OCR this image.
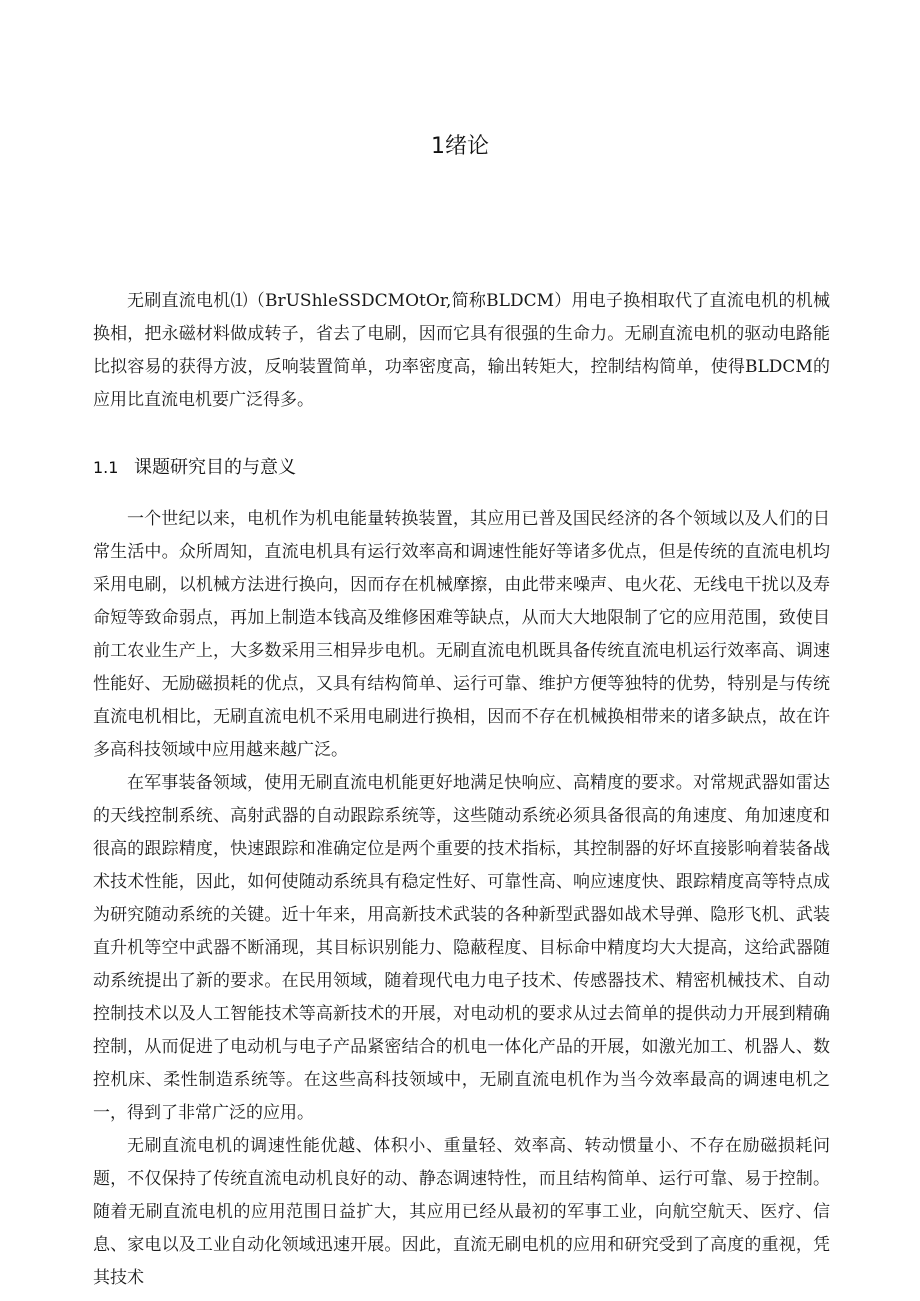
1绪论

无刷直流电机⑴（BrUShleSSDCMOtOr,简称BLDCM）用电子换相取代了直流电机的机械换相，把永磁材料做成转子，省去了电刷，因而它具有很强的生命力。无刷直流电机的驱动电路能比拟容易的获得方波，反响装置简单，功率密度高，输出转矩大，控制结构简单，使得BLDCM的应用比直流电机要广泛得多。

1.1 课题研究目的与意义

一个世纪以来，电机作为机电能量转换装置，其应用已普及国民经济的各个领域以及人们的日常生活中。众所周知，直流电机具有运行效率高和调速性能好等诸多优点，但是传统的直流电机均采用电刷，以机械方法进行换向，因而存在机械摩擦，由此带来噪声、电火花、无线电干扰以及寿命短等致命弱点，再加上制造本钱高及维修困难等缺点，从而大大地限制了它的应用范围，致使目前工农业生产上，大多数采用三相异步电机。无刷直流电机既具备传统直流电机运行效率高、调速性能好、无励磁损耗的优点，又具有结构简单、运行可靠、维护方便等独特的优势，特别是与传统直流电机相比，无刷直流电机不采用电刷进行换相，因而不存在机械换相带来的诸多缺点，故在许多高科技领域中应用越来越广泛。

在军事装备领域，使用无刷直流电机能更好地满足快响应、高精度的要求。对常规武器如雷达的天线控制系统、高射武器的自动跟踪系统等，这些随动系统必须具备很高的角速度、角加速度和很高的跟踪精度，快速跟踪和准确定位是两个重要的技术指标，其控制器的好坏直接影响着装备战术技术性能，因此，如何使随动系统具有稳定性好、可靠性高、响应速度快、跟踪精度高等特点成为研究随动系统的关键。近十年来，用高新技术武装的各种新型武器如战术导弹、隐形飞机、武装直升机等空中武器不断涌现，其目标识别能力、隐蔽程度、目标命中精度均大大提高，这给武器随动系统提出了新的要求。在民用领域，随着现代电力电子技术、传感器技术、精密机械技术、自动控制技术以及人工智能技术等高新技术的开展，对电动机的要求从过去简单的提供动力开展到精确控制，从而促进了电动机与电子产品紧密结合的机电一体化产品的开展，如激光加工、机器人、数控机床、柔性制造系统等。在这些高科技领域中，无刷直流电机作为当今效率最高的调速电机之一，得到了非常广泛的应用。

无刷直流电机的调速性能优越、体积小、重量轻、效率高、转动惯量小、不存在励磁损耗问题，不仅保持了传统直流电动机良好的动、静态调速特性，而且结构简单、运行可靠、易于控制。随着无刷直流电机的应用范围日益扩大，其应用已经从最初的军事工业，向航空航天、医疗、信息、家电以及工业自动化领域迅速开展。因此，直流无刷电机的应用和研究受到了高度的重视，凭其技术
